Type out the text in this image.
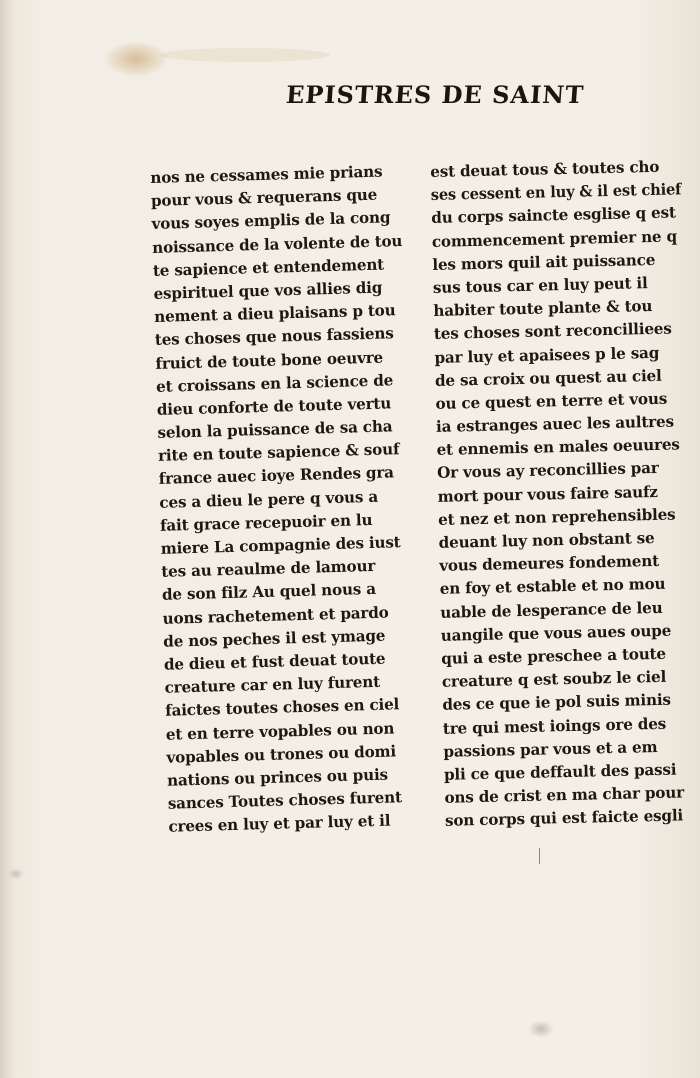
EPISTRES DE SAINT
nos ne cessames mie prians
pour vous & requerans que
vous soyes emplis de la cong
noissance de la volente de tou
te sapience et entendement
espirituel que vos allies dig
nement a dieu plaisans p tou
tes choses que nous fassiens
fruict de toute bone oeuvre
et croissans en la science de
dieu conforte de toute vertu
selon la puissance de sa cha
rite en toute sapience & souf
france auec ioye Rendes gra
ces a dieu le pere q vous a
fait grace recepuoir en lu
miere La compagnie des iust
tes au reaulme de lamour
de son filz Au quel nous a
uons rachetement et pardo
de nos peches il est ymage
de dieu et fust deuat toute
creature car en luy furent
faictes toutes choses en ciel
et en terre vopables ou non
vopables ou trones ou domi
nations ou princes ou puis
sances Toutes choses furent
crees en luy et par luy et il
est deuat tous & toutes cho
ses cessent en luy & il est chief
du corps saincte esglise q est
commencement premier ne q
les mors quil ait puissance
sus tous car en luy peut il
habiter toute plante & tou
tes choses sont reconcilliees
par luy et apaisees p le sag
de sa croix ou quest au ciel
ou ce quest en terre et vous
ia estranges auec les aultres
et ennemis en males oeuures
Or vous ay reconcillies par
mort pour vous faire saufz
et nez et non reprehensibles
deuant luy non obstant se
vous demeures fondement
en foy et estable et no mou
uable de lesperance de leu
uangile que vous aues oupe
qui a este preschee a toute
creature q est soubz le ciel
des ce que ie pol suis minis
tre qui mest ioings ore des
passions par vous et a em
pli ce que deffault des passi
ons de crist en ma char pour
son corps qui est faicte esgli
